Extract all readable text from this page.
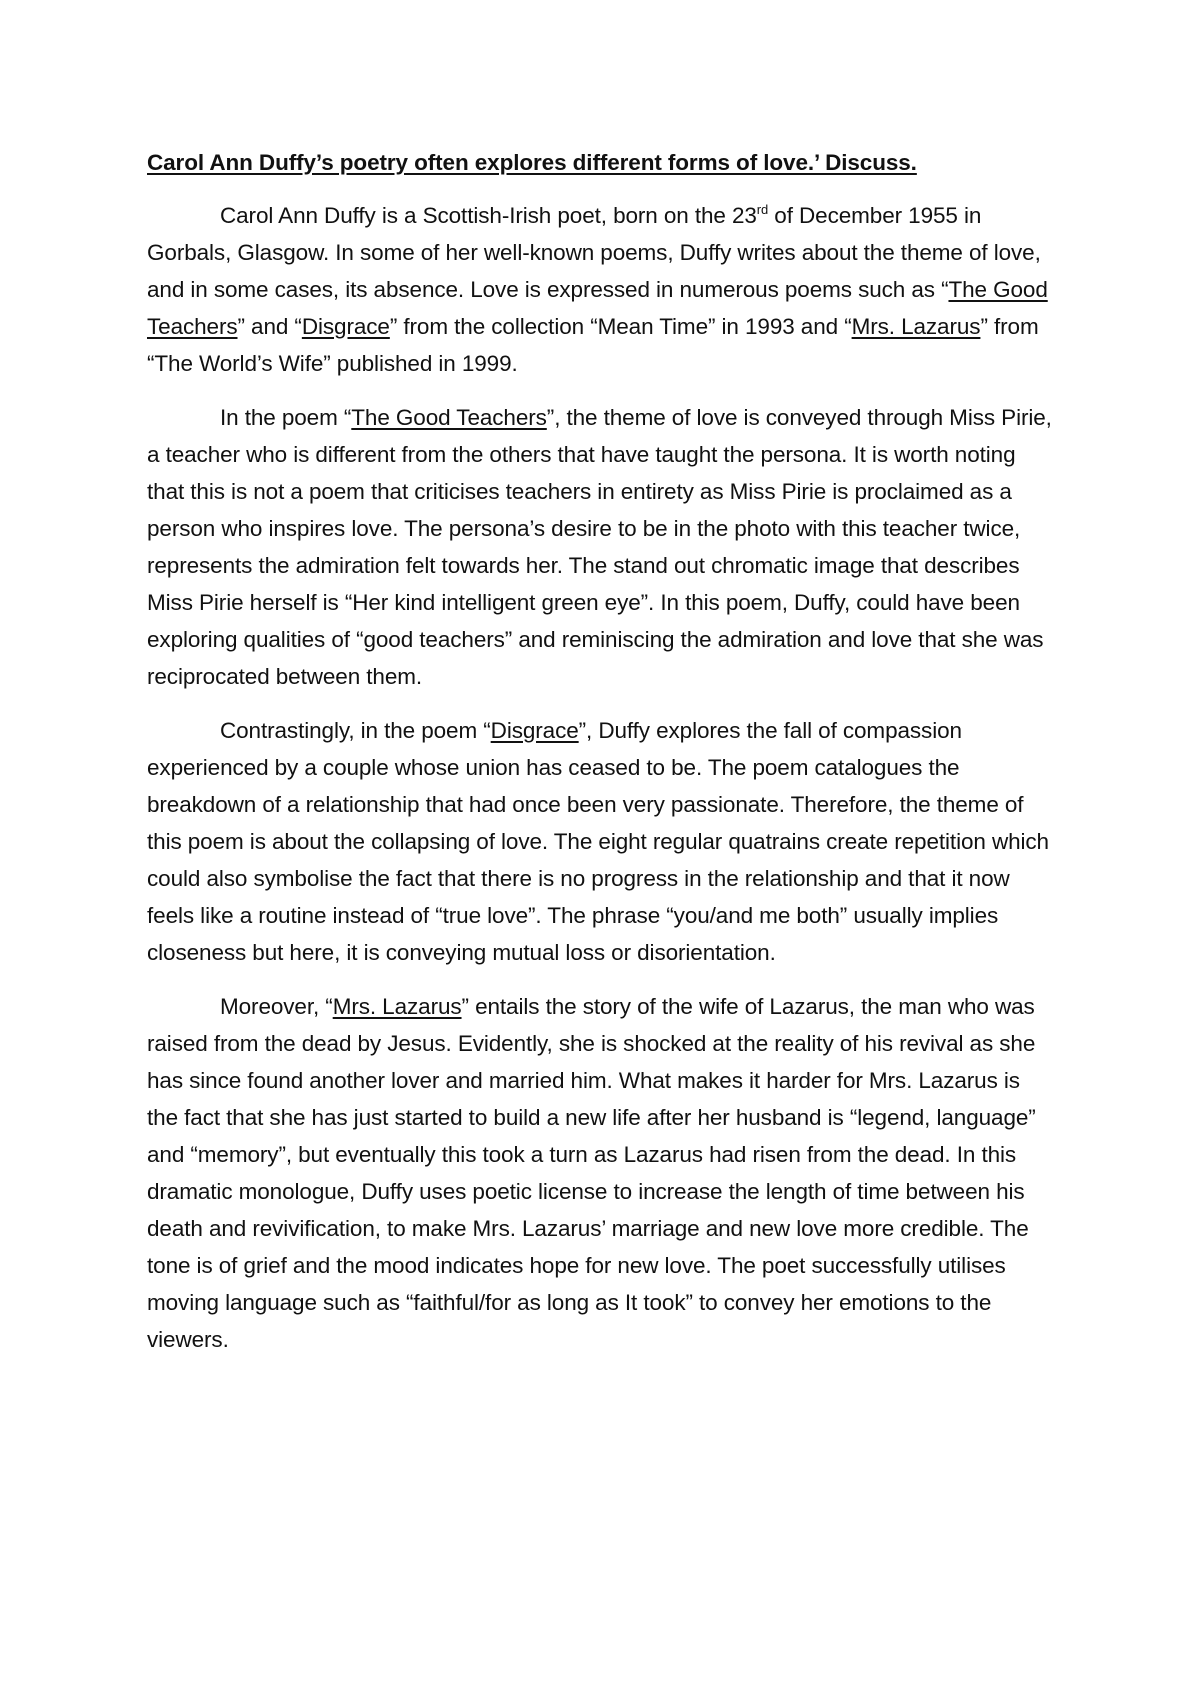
Carol Ann Duffy’s poetry often explores different forms of love.’ Discuss.

Carol Ann Duffy is a Scottish-Irish poet, born on the 23rd of December 1955 in Gorbals, Glasgow. In some of her well-known poems, Duffy writes about the theme of love, and in some cases, its absence. Love is expressed in numerous poems such as “The Good Teachers” and “Disgrace” from the collection “Mean Time” in 1993 and “Mrs. Lazarus” from “The World’s Wife” published in 1999.

In the poem “The Good Teachers”, the theme of love is conveyed through Miss Pirie, a teacher who is different from the others that have taught the persona. It is worth noting that this is not a poem that criticises teachers in entirety as Miss Pirie is proclaimed as a person who inspires love. The persona’s desire to be in the photo with this teacher twice, represents the admiration felt towards her. The stand out chromatic image that describes Miss Pirie herself is “Her kind intelligent green eye”. In this poem, Duffy, could have been exploring qualities of “good teachers” and reminiscing the admiration and love that she was reciprocated between them.

Contrastingly, in the poem “Disgrace”, Duffy explores the fall of compassion experienced by a couple whose union has ceased to be. The poem catalogues the breakdown of a relationship that had once been very passionate. Therefore, the theme of this poem is about the collapsing of love. The eight regular quatrains create repetition which could also symbolise the fact that there is no progress in the relationship and that it now feels like a routine instead of “true love”. The phrase “you/and me both” usually implies closeness but here, it is conveying mutual loss or disorientation.

Moreover, “Mrs. Lazarus” entails the story of the wife of Lazarus, the man who was raised from the dead by Jesus. Evidently, she is shocked at the reality of his revival as she has since found another lover and married him. What makes it harder for Mrs. Lazarus is the fact that she has just started to build a new life after her husband is “legend, language” and “memory”, but eventually this took a turn as Lazarus had risen from the dead. In this dramatic monologue, Duffy uses poetic license to increase the length of time between his death and revivification, to make Mrs. Lazarus’ marriage and new love more credible. The tone is of grief and the mood indicates hope for new love. The poet successfully utilises moving language such as “faithful/for as long as It took” to convey her emotions to the viewers.
